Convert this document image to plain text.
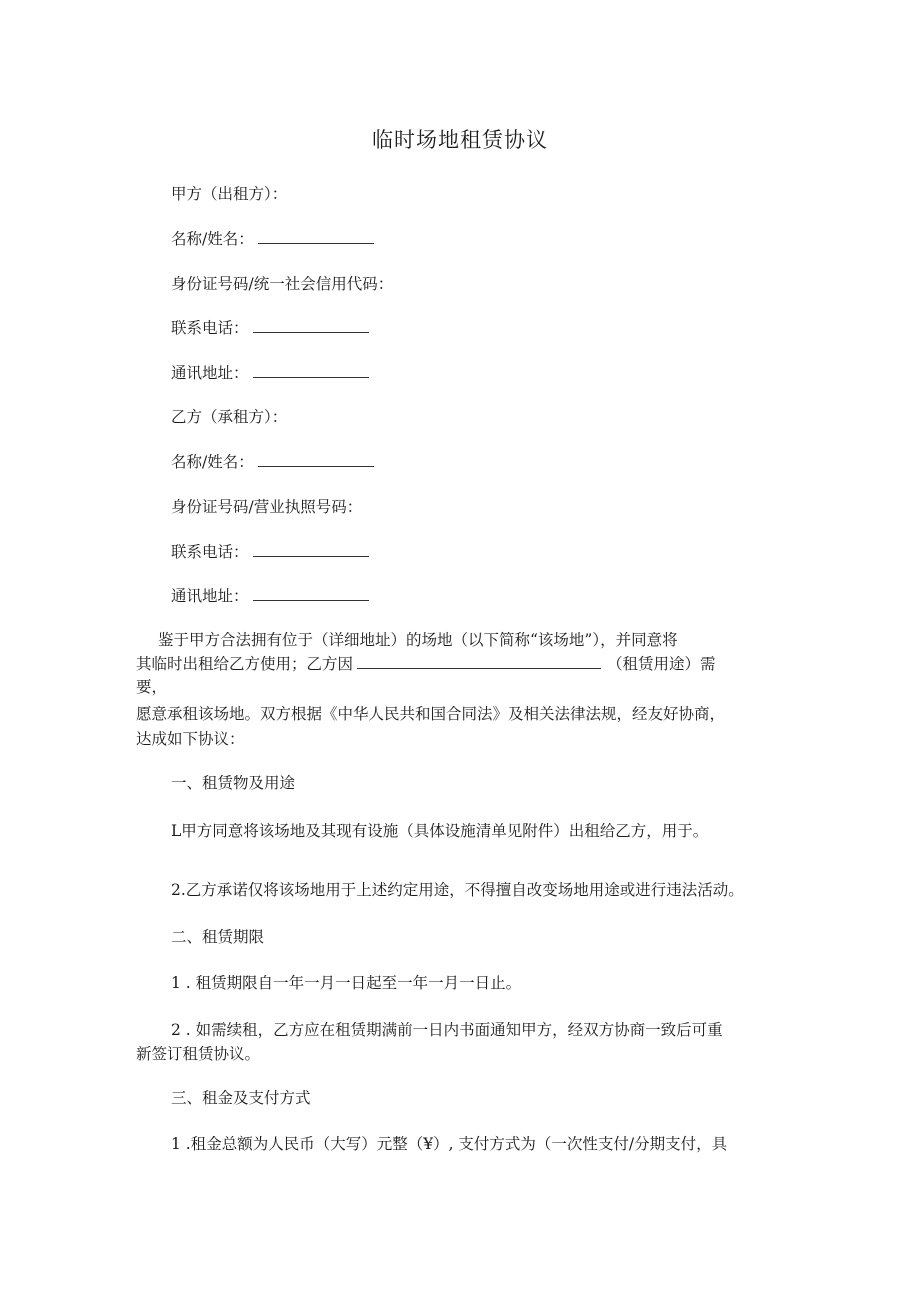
临时场地租赁协议
甲方（出租方）：
名称/姓名：
身份证号码/统一社会信用代码：
联系电话：
通讯地址：
乙方（承租方）：
名称/姓名：
身份证号码/营业执照号码：
联系电话：
通讯地址：
鉴于甲方合法拥有位于（详细地址）的场地（以下简称“该场地”），并同意将
其临时出租给乙方使用；乙方因	（租赁用途）需
要，
愿意承租该场地。双方根据《中华人民共和国合同法》及相关法律法规，经友好协商，
达成如下协议：
一、租赁物及用途
L甲方同意将该场地及其现有设施（具体设施清单见附件）出租给乙方，用于。
2.乙方承诺仅将该场地用于上述约定用途，不得擅自改变场地用途或进行违法活动。
二、租赁期限
1 . 租赁期限自一年一月一日起至一年一月一日止。
2 . 如需续租，乙方应在租赁期满前一日内书面通知甲方，经双方协商一致后可重
新签订租赁协议。
三、租金及支付方式
1 .租金总额为人民币（大写）元整（¥）, 支付方式为（一次性支付/分期支付，具
